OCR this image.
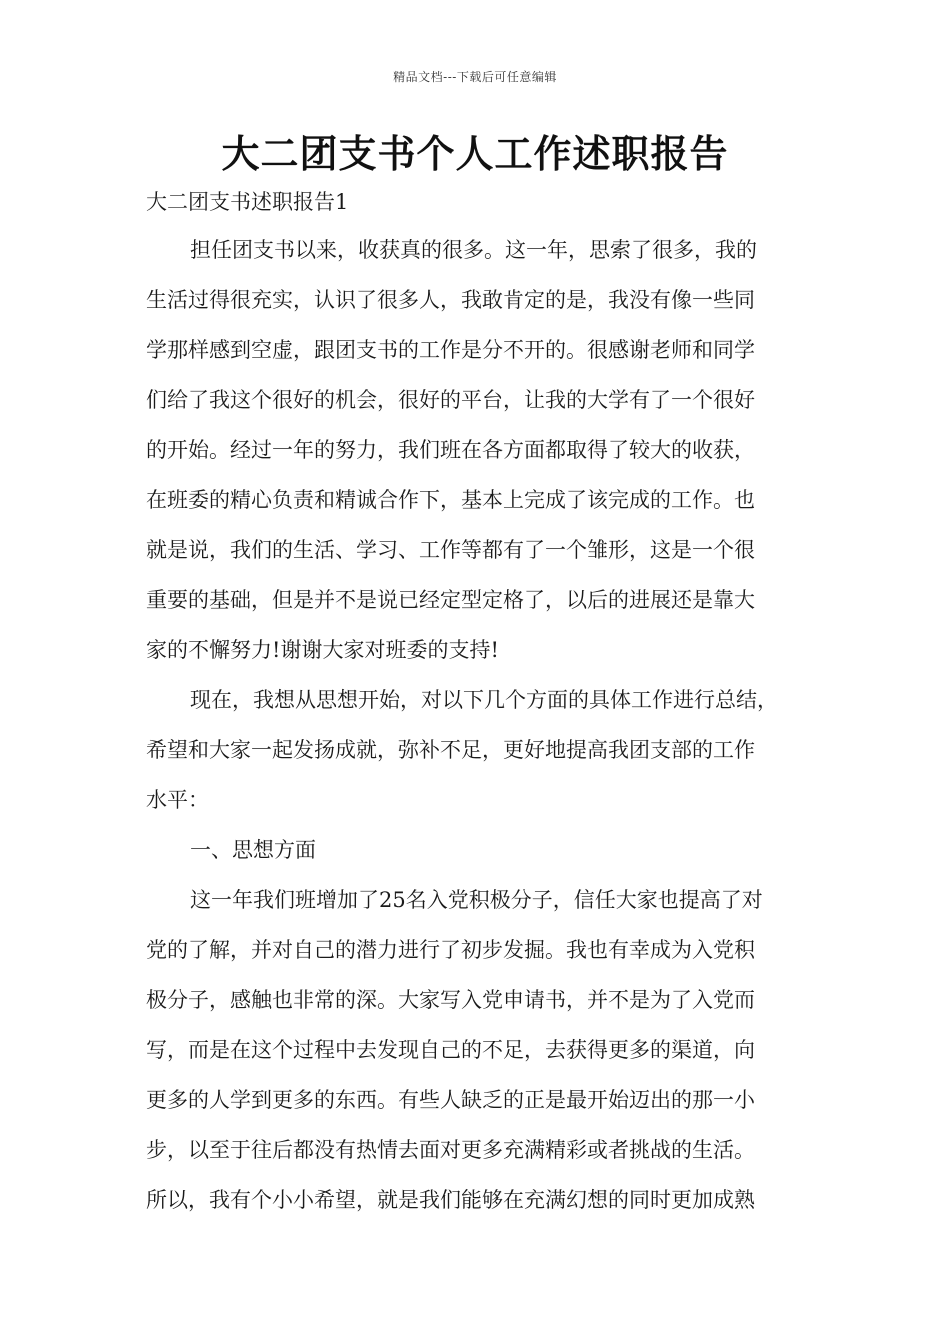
精品文档---下载后可任意编辑
大二团支书个人工作述职报告
大二团支书述职报告1
担任团支书以来，收获真的很多。这一年，思索了很多，我的
生活过得很充实，认识了很多人，我敢肯定的是，我没有像一些同
学那样感到空虚，跟团支书的工作是分不开的。很感谢老师和同学
们给了我这个很好的机会，很好的平台，让我的大学有了一个很好
的开始。经过一年的努力，我们班在各方面都取得了较大的收获，
在班委的精心负责和精诚合作下，基本上完成了该完成的工作。也
就是说，我们的生活、学习、工作等都有了一个雏形，这是一个很
重要的基础，但是并不是说已经定型定格了，以后的进展还是靠大
家的不懈努力!谢谢大家对班委的支持!
现在，我想从思想开始，对以下几个方面的具体工作进行总结，
希望和大家一起发扬成就，弥补不足，更好地提高我团支部的工作
水平：
一、思想方面
这一年我们班增加了25名入党积极分子，信任大家也提高了对
党的了解，并对自己的潜力进行了初步发掘。我也有幸成为入党积
极分子，感触也非常的深。大家写入党申请书，并不是为了入党而
写，而是在这个过程中去发现自己的不足，去获得更多的渠道，向
更多的人学到更多的东西。有些人缺乏的正是最开始迈出的那一小
步，以至于往后都没有热情去面对更多充满精彩或者挑战的生活。
所以，我有个小小希望，就是我们能够在充满幻想的同时更加成熟
